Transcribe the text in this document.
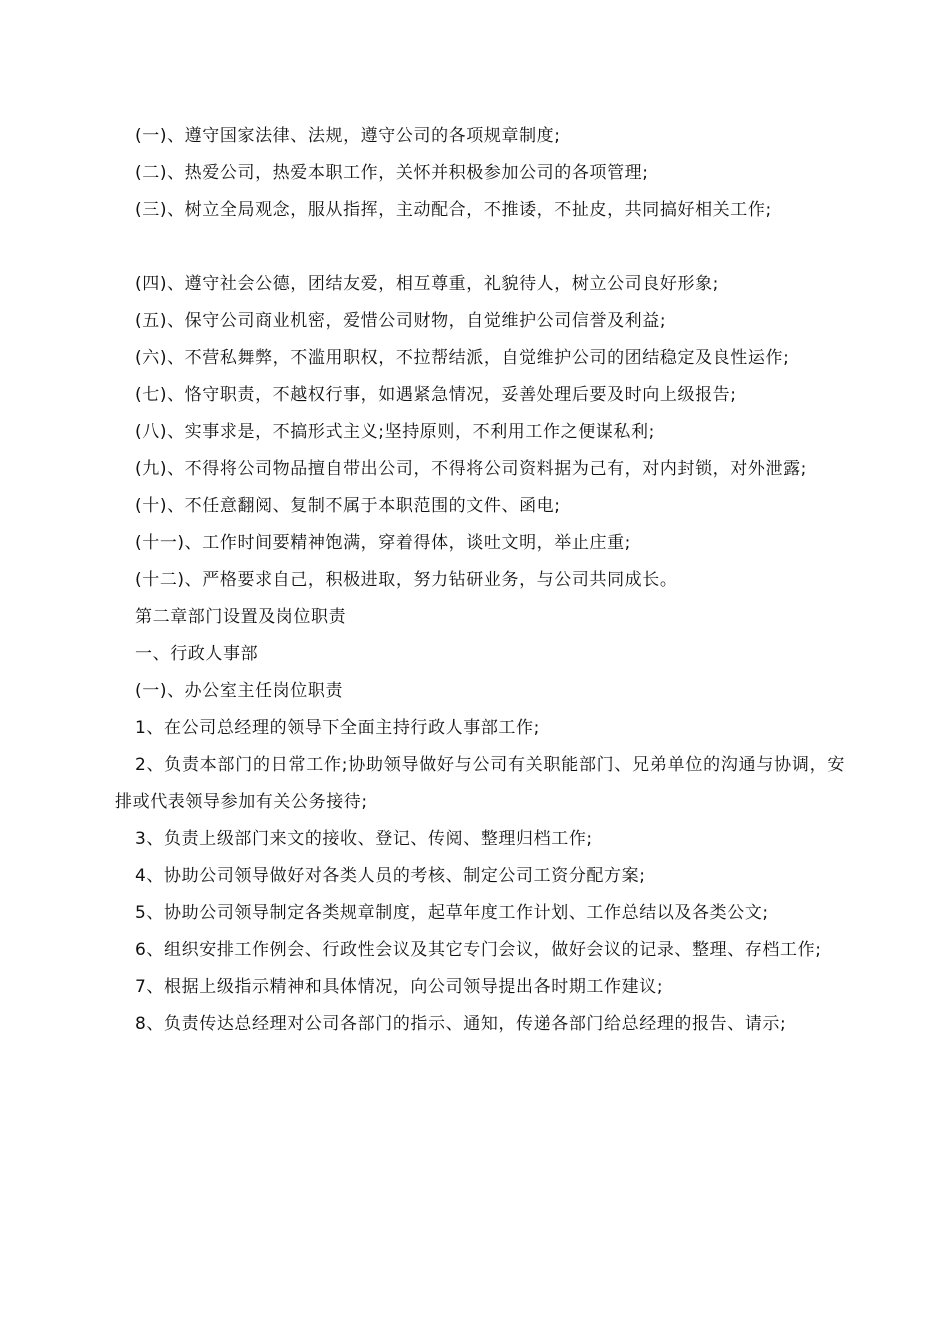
(一)、遵守国家法律、法规，遵守公司的各项规章制度;

(二)、热爱公司，热爱本职工作，关怀并积极参加公司的各项管理;

(三)、树立全局观念，服从指挥，主动配合，不推诿，不扯皮，共同搞好相关工作;

(四)、遵守社会公德，团结友爱，相互尊重，礼貌待人，树立公司良好形象;

(五)、保守公司商业机密，爱惜公司财物，自觉维护公司信誉及利益;

(六)、不营私舞弊，不滥用职权，不拉帮结派，自觉维护公司的团结稳定及良性运作;

(七)、恪守职责，不越权行事，如遇紧急情况，妥善处理后要及时向上级报告;

(八)、实事求是，不搞形式主义;坚持原则，不利用工作之便谋私利;

(九)、不得将公司物品擅自带出公司，不得将公司资料据为己有，对内封锁，对外泄露;

(十)、不任意翻阅、复制不属于本职范围的文件、函电;

(十一)、工作时间要精神饱满，穿着得体，谈吐文明，举止庄重;

(十二)、严格要求自己，积极进取，努力钻研业务，与公司共同成长。

第二章部门设置及岗位职责

一、行政人事部

(一)、办公室主任岗位职责

1、在公司总经理的领导下全面主持行政人事部工作;

2、负责本部门的日常工作;协助领导做好与公司有关职能部门、兄弟单位的沟通与协调，安排或代表领导参加有关公务接待;

3、负责上级部门来文的接收、登记、传阅、整理归档工作;

4、协助公司领导做好对各类人员的考核、制定公司工资分配方案;

5、协助公司领导制定各类规章制度，起草年度工作计划、工作总结以及各类公文;

6、组织安排工作例会、行政性会议及其它专门会议，做好会议的记录、整理、存档工作;

7、根据上级指示精神和具体情况，向公司领导提出各时期工作建议;

8、负责传达总经理对公司各部门的指示、通知，传递各部门给总经理的报告、请示;
